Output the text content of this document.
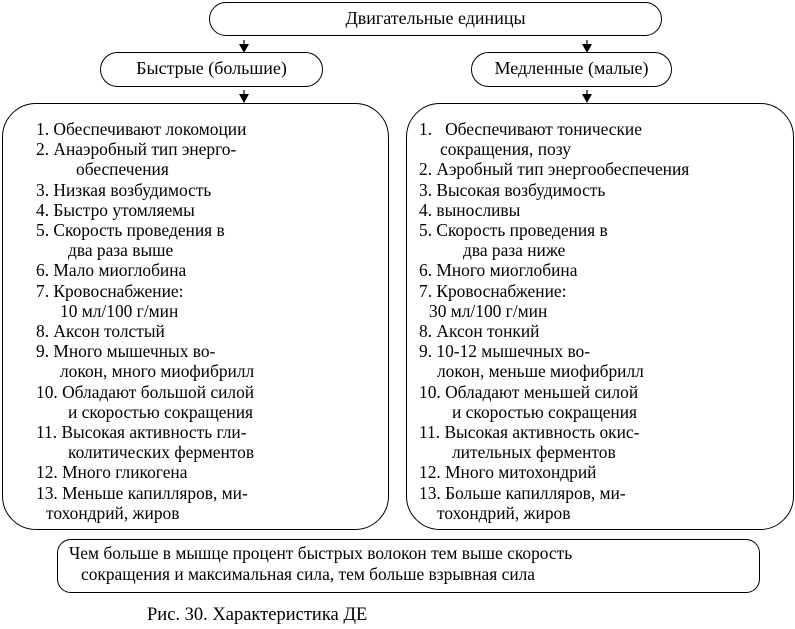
Двигательные единицы
Быстрые (большие)	Медленные (малые)
1. Обеспечивают локомоции
2. Анаэробный тип энерго-
обеспечения
3. Низкая возбудимость
4. Быстро утомляемы
5. Скорость проведения в
два раза выше
6. Мало миоглобина
7. Кровоснабжение:
10 мл/100 г/мин
8. Аксон толстый
9. Много мышечных во-
локон, много миофибрилл
10. Обладают большой силой
и скоростью сокращения
11. Высокая активность гли-
колитических ферментов
12. Много гликогена
13. Меньше капилляров, ми-
тохондрий, жиров
1.   Обеспечивают тонические
сокращения, позу
2. Аэробный тип энергообеспечения
3. Высокая возбудимость
4. выносливы
5. Скорость проведения в
два раза ниже
6. Много миоглобина
7. Кровоснабжение:
30 мл/100 г/мин
8. Аксон тонкий
9. 10-12 мышечных во-
локон, меньше миофибрилл
10. Обладают меньшей силой
и скоростью сокращения
11. Высокая активность окис-
лительных ферментов
12. Много митохондрий
13. Больше капилляров, ми-
тохондрий, жиров
Чем больше в мышце процент быстрых волокон тем выше скорость
сокращения и максимальная сила, тем больше взрывная сила
Рис. 30. Характеристика ДЕ
